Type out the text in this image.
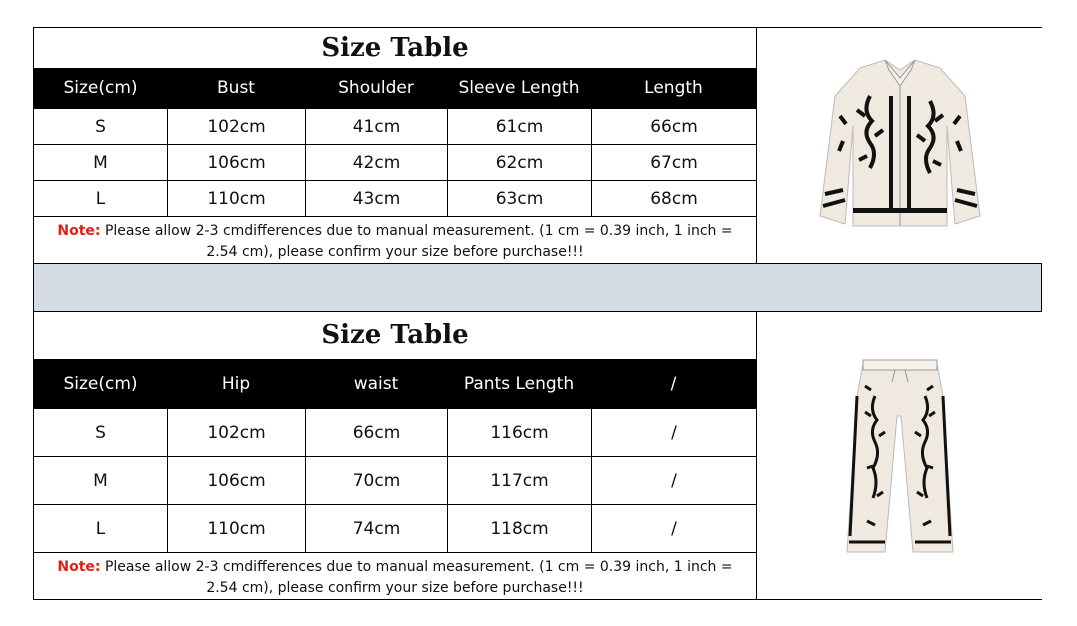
Size Table
Size(cm)	Bust	Shoulder	Sleeve Length	Length
S	102cm	41cm	61cm	66cm
M	106cm	42cm	62cm	67cm
L	110cm	43cm	63cm	68cm
Note: Please allow 2-3 cmdifferences due to manual measurement. (1 cm = 0.39 inch, 1 inch = 2.54 cm), please confirm your size before purchase!!!
Size Table
Size(cm)	Hip	waist	Pants Length	/
S	102cm	66cm	116cm	/
M	106cm	70cm	117cm	/
L	110cm	74cm	118cm	/
Note: Please allow 2-3 cmdifferences due to manual measurement. (1 cm = 0.39 inch, 1 inch = 2.54 cm), please confirm your size before purchase!!!
